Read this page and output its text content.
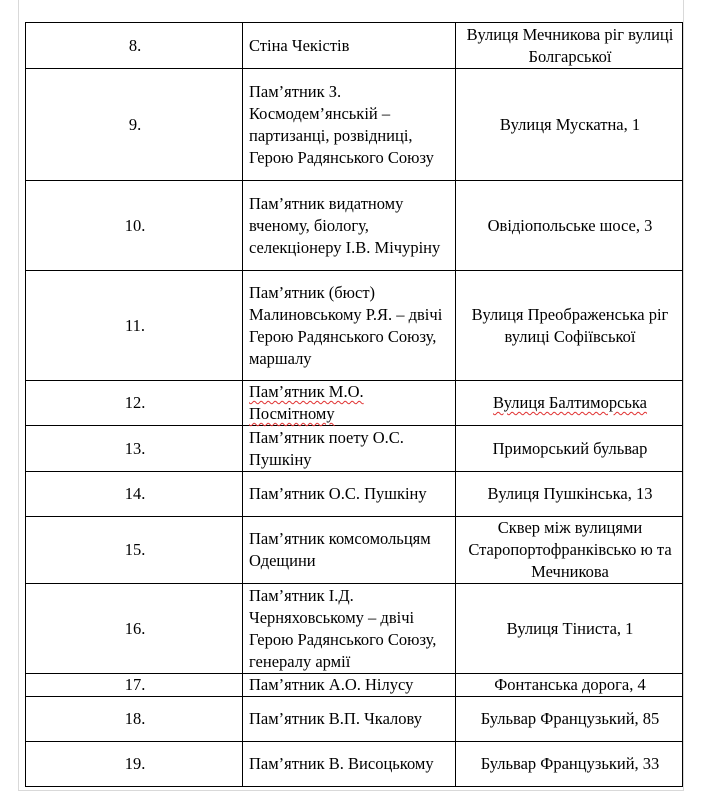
8.	Стіна Чекістів	Вулиця Мечникова ріг вулиці Болгарської
9.	Пам’ятник З. Космодем’янській – партизанці, розвідниці, Герою Радянського Союзу	Вулиця Мускатна, 1
10.	Пам’ятник видатному вченому, біологу, селекціонеру І.В. Мічуріну	Овідіопольське шосе, 3
11.	Пам’ятник (бюст) Малиновському Р.Я. – двічі Герою Радянського Союзу, маршалу	Вулиця Преображенська ріг вулиці Софіївської
12.	Пам’ятник М.О. Посмітному	Вулиця Балтиморська
13.	Пам’ятник поету О.С. Пушкіну	Приморський бульвар
14.	Пам’ятник О.С. Пушкіну	Вулиця Пушкінська, 13
15.	Пам’ятник комсомольцям Одещини	Сквер між вулицями Старопортофранківсько ю та Мечникова
16.	Пам’ятник І.Д. Черняховському – двічі Герою Радянського Союзу, генералу армії	Вулиця Тіниста, 1
17.	Пам’ятник А.О. Нілусу	Фонтанська дорога, 4
18.	Пам’ятник В.П. Чкалову	Бульвар Французький, 85
19.	Пам’ятник В. Висоцькому	Бульвар Французький, 33
